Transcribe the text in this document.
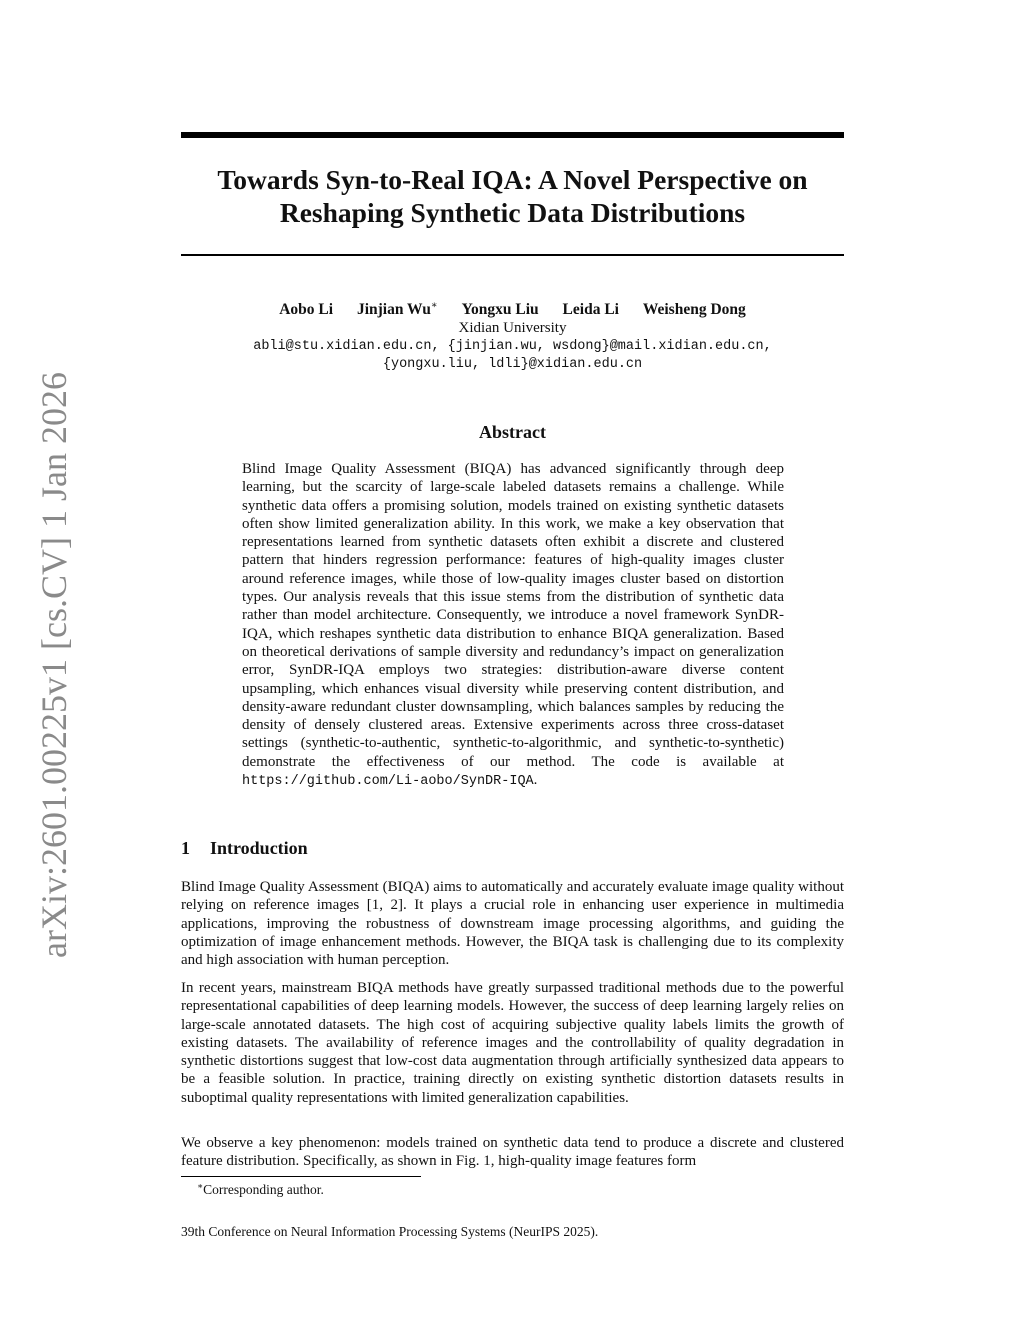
arXiv:2601.00225v1 [cs.CV] 1 Jan 2026
Towards Syn-to-Real IQA: A Novel Perspective on
Reshaping Synthetic Data Distributions
Aobo Li Jinjian Wu∗ Yongxu Liu Leida Li Weisheng Dong
Xidian University
abli@stu.xidian.edu.cn, {jinjian.wu, wsdong}@mail.xidian.edu.cn,
{yongxu.liu, ldli}@xidian.edu.cn
Abstract

Blind Image Quality Assessment (BIQA) has advanced significantly through deep learning, but the scarcity of large-scale labeled datasets remains a challenge. While synthetic data offers a promising solution, models trained on existing synthetic datasets often show limited generalization ability. In this work, we make a key observation that representations learned from synthetic datasets often exhibit a discrete and clustered pattern that hinders regression performance: features of high-quality images cluster around reference images, while those of low-quality images cluster based on distortion types. Our analysis reveals that this issue stems from the distribution of synthetic data rather than model architecture. Consequently, we introduce a novel framework SynDR-IQA, which reshapes synthetic data distribution to enhance BIQA generalization. Based on theoretical derivations of sample diversity and redundancy’s impact on generalization error, SynDR-IQA employs two strategies: distribution-aware diverse content upsampling, which enhances visual diversity while preserving content distribution, and density-aware redundant cluster downsampling, which balances samples by reducing the density of densely clustered areas. Extensive experiments across three cross-dataset settings (synthetic-to-authentic, synthetic-to-algorithmic, and synthetic-to-synthetic) demonstrate the effectiveness of our method. The code is available at https://github.com/Li-aobo/SynDR-IQA.

1 Introduction

Blind Image Quality Assessment (BIQA) aims to automatically and accurately evaluate image quality without relying on reference images [1, 2]. It plays a crucial role in enhancing user experience in multimedia applications, improving the robustness of downstream image processing algorithms, and guiding the optimization of image enhancement methods. However, the BIQA task is challenging due to its complexity and high association with human perception.

In recent years, mainstream BIQA methods have greatly surpassed traditional methods due to the powerful representational capabilities of deep learning models. However, the success of deep learning largely relies on large-scale annotated datasets. The high cost of acquiring subjective quality labels limits the growth of existing datasets. The availability of reference images and the controllability of quality degradation in synthetic distortions suggest that low-cost data augmentation through artificially synthesized data appears to be a feasible solution. In practice, training directly on existing synthetic distortion datasets results in suboptimal quality representations with limited generalization capabilities.

We observe a key phenomenon: models trained on synthetic data tend to produce a discrete and clustered feature distribution. Specifically, as shown in Fig. 1, high-quality image features form

∗Corresponding author.
39th Conference on Neural Information Processing Systems (NeurIPS 2025).
